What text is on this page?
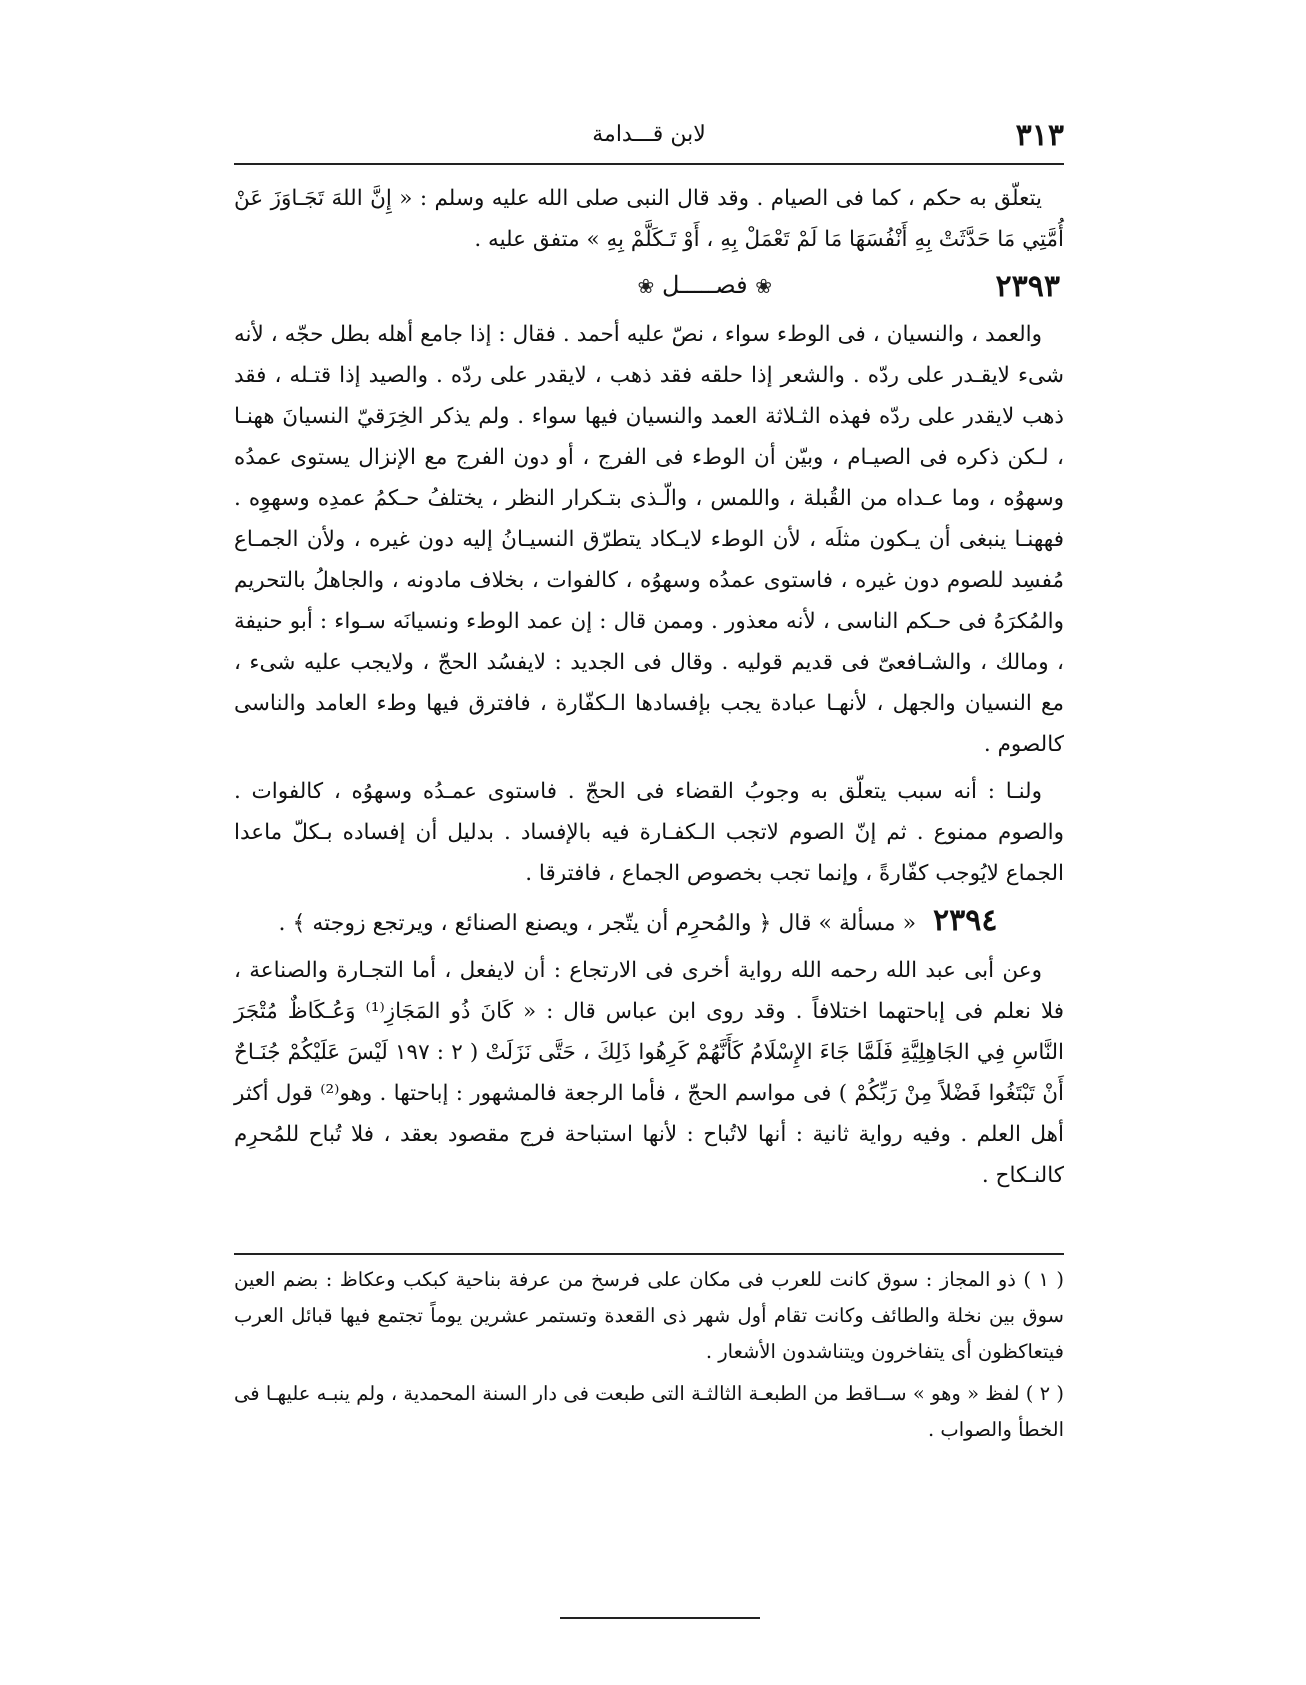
٣١٣
لابن قـــدامة

يتعلّق به حكم ، كما فى الصيام . وقد قال النبى صلى الله عليه وسلم : « إِنَّ اللهَ تَجَـاوَزَ عَنْ أُمَّتِي مَا حَدَّثَتْ بِهِ أَنْفُسَهَا مَا لَمْ تَعْمَلْ بِهِ ، أَوْ تَـكَلَّمْ بِهِ » متفق عليه .

٢٣٩٣
❀ فصـــــل ❀

والعمد ، والنسيان ، فى الوطء سواء ، نصّ عليه أحمد . فقال : إذا جامع أهله بطل حجّه ، لأنه شىء لايقـدر على ردّه . والشعر إذا حلقه فقد ذهب ، لايقدر على ردّه . والصيد إذا قتـله ، فقد ذهب لايقدر على ردّه فهذه الثـلاثة العمد والنسيان فيها سواء . ولم يذكر الخِرَقيّ النسيانَ ههنـا ، لـكن ذكره فى الصيـام ، وبيّن أن الوطء فى الفرج ، أو دون الفرج مع الإنزال يستوى عمدُه وسهوُه ، وما عـداه من القُبلة ، واللمس ، والّـذى بتـكرار النظر ، يختلفُ حـكمُ عمدِه وسهوِه . فههنـا ينبغى أن يـكون مثلَه ، لأن الوطء لايـكاد يتطرّق النسيـانُ إليه دون غيره ، ولأن الجمـاع مُفسِد للصوم دون غيره ، فاستوى عمدُه وسهوُه ، كالفوات ، بخلاف مادونه ، والجاهلُ بالتحريم والمُكرَهُ فى حـكم الناسى ، لأنه معذور . وممن قال : إن عمد الوطء ونسيانَه سـواء : أبو حنيفة ، ومالك ، والشـافعىّ فى قديم قوليه . وقال فى الجديد : لايفسُد الحجّ ، ولايجب عليه شىء ، مع النسيان والجهل ، لأنهـا عبادة يجب بإفسادها الـكفّارة ، فافترق فيها وطء العامد والناسى كالصوم .

ولنـا : أنه سبب يتعلّق به وجوبُ القضاء فى الحجّ . فاستوى عمـدُه وسهوُه ، كالفوات . والصوم ممنوع . ثم إنّ الصوم لاتجب الـكفـارة فيه بالإفساد . بدليل أن إفساده بـكلّ ماعدا الجماع لايُوجب كفّارةً ، وإنما تجب بخصوص الجماع ، فافترقا .

٢٣٩٤ « مسألة » قال ﴿ والمُحرِم أن يتّجر ، ويصنع الصنائع ، ويرتجع زوجته ﴾ .

وعن أبى عبد الله رحمه الله رواية أخرى فى الارتجاع : أن لايفعل ، أما التجـارة والصناعة ، فلا نعلم فى إباحتهما اختلافاً . وقد روى ابن عباس قال : « كَانَ ذُو المَجَازِ⁽¹⁾ وَعُـكَاظٌ مُتْجَرَ النَّاسِ فِي الجَاهِلِيَّةِ فَلَمَّا جَاءَ الإِسْلَامُ كَأَنَّهُمْ كَرِهُوا ذَلِكَ ، حَتَّى نَزَلَتْ ( ٢ : ١٩٧ لَيْسَ عَلَيْكُمْ جُنَـاحٌ أَنْ تَبْتَغُوا فَضْلاً مِنْ رَبِّكُمْ ) فى مواسم الحجّ ، فأما الرجعة فالمشهور : إباحتها . وهو⁽²⁾ قول أكثر أهل العلم . وفيه رواية ثانية : أنها لاتُباح : لأنها استباحة فرج مقصود بعقد ، فلا تُباح للمُحرِم كالنـكاح .

( ١ ) ذو المجاز : سوق كانت للعرب فى مكان على فرسخ من عرفة بناحية كبكب وعكاظ : بضم العين سوق بين نخلة والطائف وكانت تقام أول شهر ذى القعدة وتستمر عشرين يوماً تجتمع فيها قبائل العرب فيتعاكظون أى يتفاخرون ويتناشدون الأشعار .

( ٢ ) لفظ « وهو » ســاقط من الطبعـة الثالثـة التى طبعت فى دار السنة المحمدية ، ولم ينبـه عليهـا فى الخطأ والصواب .
